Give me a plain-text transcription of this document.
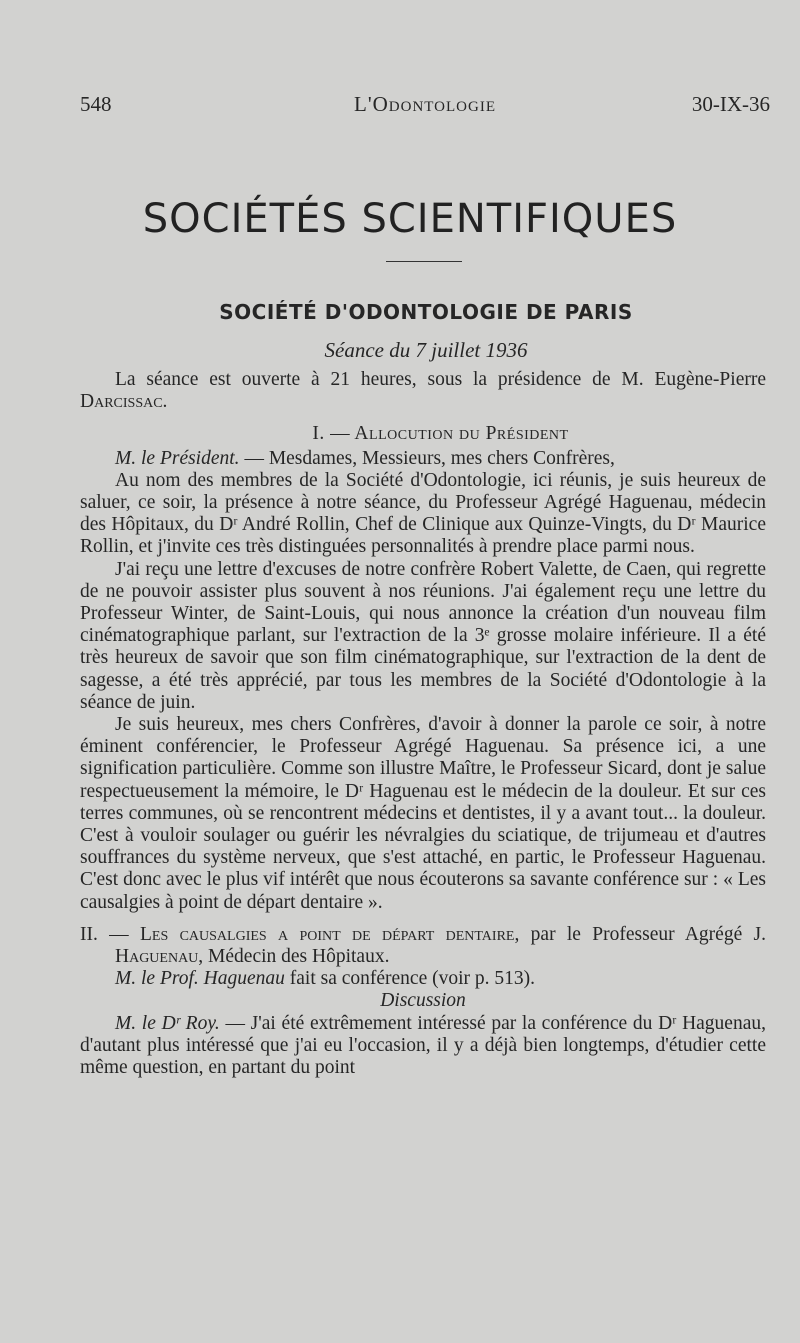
548	L'Odontologie	30-IX-36
SOCIÉTÉS SCIENTIFIQUES
SOCIÉTÉ D'ODONTOLOGIE DE PARIS
Séance du 7 juillet 1936

La séance est ouverte à 21 heures, sous la présidence de M. Eugène-Pierre Darcissac.

I. — Allocution du Président

M. le Président. — Mesdames, Messieurs, mes chers Confrères,

Au nom des membres de la Société d'Odontologie, ici réunis, je suis heureux de saluer, ce soir, la présence à notre séance, du Professeur Agrégé Haguenau, médecin des Hôpitaux, du Dʳ André Rollin, Chef de Clinique aux Quinze-Vingts, du Dʳ Maurice Rollin, et j'invite ces très distinguées personnalités à prendre place parmi nous.

J'ai reçu une lettre d'excuses de notre confrère Robert Valette, de Caen, qui regrette de ne pouvoir assister plus souvent à nos réunions. J'ai également reçu une lettre du Professeur Winter, de Saint-Louis, qui nous annonce la création d'un nouveau film cinématographique parlant, sur l'extraction de la 3ᵉ grosse molaire inférieure. Il a été très heureux de savoir que son film cinématographique, sur l'extraction de la dent de sagesse, a été très apprécié, par tous les membres de la Société d'Odontologie à la séance de juin.

Je suis heureux, mes chers Confrères, d'avoir à donner la parole ce soir, à notre éminent conférencier, le Professeur Agrégé Haguenau. Sa présence ici, a une signification particulière. Comme son illustre Maître, le Professeur Sicard, dont je salue respectueusement la mémoire, le Dʳ Haguenau est le médecin de la douleur. Et sur ces terres communes, où se rencontrent médecins et dentistes, il y a avant tout... la douleur. C'est à vouloir soulager ou guérir les névralgies du sciatique, de trijumeau et d'autres souffrances du système nerveux, que s'est attaché, en partic, le Professeur Haguenau. C'est donc avec le plus vif intérêt que nous écouterons sa savante conférence sur : « Les causalgies à point de départ dentaire ».

II. — Les causalgies a point de départ dentaire, par le Professeur Agrégé J. Haguenau, Médecin des Hôpitaux.

M. le Prof. Haguenau fait sa conférence (voir p. 513).

Discussion

M. le Dʳ Roy. — J'ai été extrêmement intéressé par la conférence du Dʳ Haguenau, d'autant plus intéressé que j'ai eu l'occasion, il y a déjà bien longtemps, d'étudier cette même question, en partant du point
